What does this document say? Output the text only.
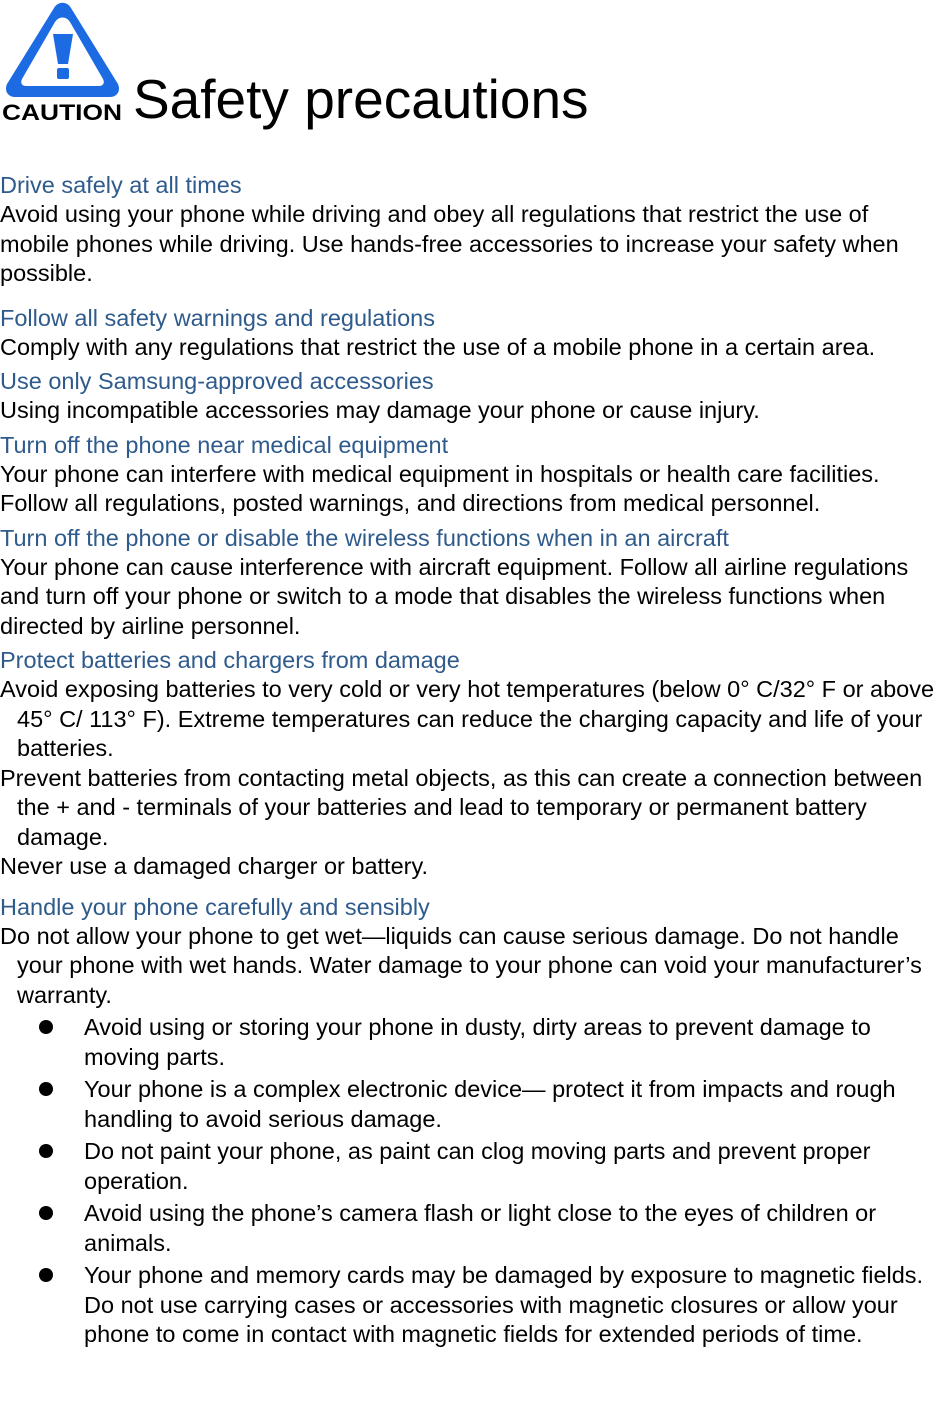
CAUTION Safety precautions
Drive safely at all times
Avoid using your phone while driving and obey all regulations that restrict the use of mobile phones while driving. Use hands-free accessories to increase your safety when possible.
Follow all safety warnings and regulations
Comply with any regulations that restrict the use of a mobile phone in a certain area.
Use only Samsung-approved accessories
Using incompatible accessories may damage your phone or cause injury.
Turn off the phone near medical equipment
Your phone can interfere with medical equipment in hospitals or health care facilities. Follow all regulations, posted warnings, and directions from medical personnel.
Turn off the phone or disable the wireless functions when in an aircraft
Your phone can cause interference with aircraft equipment. Follow all airline regulations and turn off your phone or switch to a mode that disables the wireless functions when directed by airline personnel.
Protect batteries and chargers from damage
Avoid exposing batteries to very cold or very hot temperatures (below 0° C/32° F or above 45° C/ 113° F). Extreme temperatures can reduce the charging capacity and life of your batteries.
Prevent batteries from contacting metal objects, as this can create a connection between the + and - terminals of your batteries and lead to temporary or permanent battery damage.
Never use a damaged charger or battery.
Handle your phone carefully and sensibly
Do not allow your phone to get wet—liquids can cause serious damage. Do not handle your phone with wet hands. Water damage to your phone can void your manufacturer’s warranty.
Avoid using or storing your phone in dusty, dirty areas to prevent damage to moving parts.
Your phone is a complex electronic device— protect it from impacts and rough handling to avoid serious damage.
Do not paint your phone, as paint can clog moving parts and prevent proper operation.
Avoid using the phone’s camera flash or light close to the eyes of children or animals.
Your phone and memory cards may be damaged by exposure to magnetic fields. Do not use carrying cases or accessories with magnetic closures or allow your phone to come in contact with magnetic fields for extended periods of time.
